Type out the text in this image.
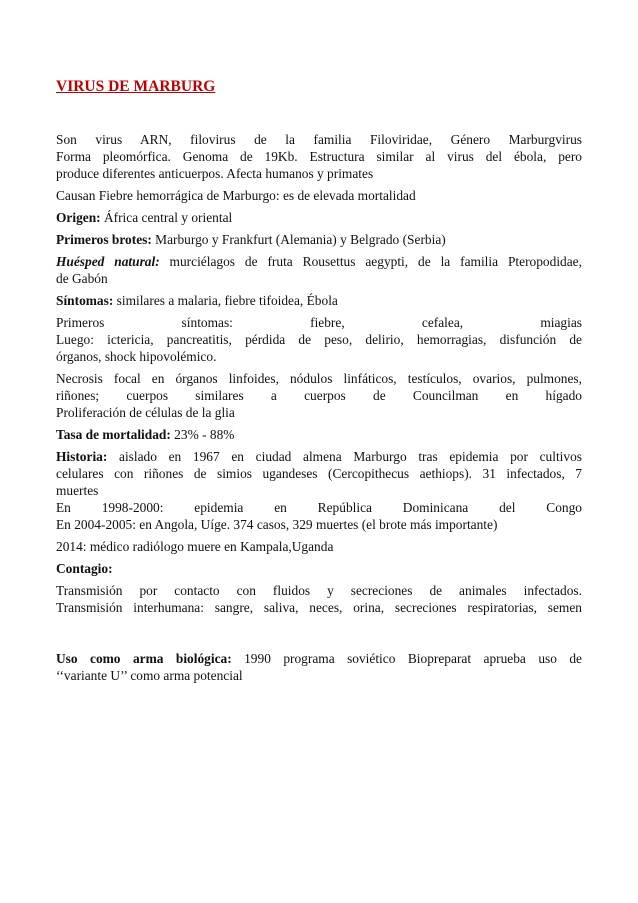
VIRUS DE MARBURG
Son virus ARN, filovirus de la familia Filoviridae, Género Marburgvirus
Forma pleomórfica. Genoma de 19Kb. Estructura similar al virus del ébola, pero
produce diferentes anticuerpos. Afecta humanos y primates
Causan Fiebre hemorrágica de Marburgo: es de elevada mortalidad
Origen: África central y oriental
Primeros brotes: Marburgo y Frankfurt (Alemania) y Belgrado (Serbia)
Huésped natural: murciélagos de fruta Rousettus aegypti, de la familia Pteropodidae,
de Gabón
Síntomas: similares a malaria, fiebre tifoidea, Ébola
Primeros síntomas: fiebre, cefalea, miagias
Luego: ictericia, pancreatitis, pérdida de peso, delirio, hemorragias, disfunción de
órganos, shock hipovolémico.
Necrosis focal en órganos linfoides, nódulos linfáticos, testículos, ovarios, pulmones,
riñones; cuerpos similares a cuerpos de Councilman en hígado
Proliferación de células de la glia
Tasa de mortalidad: 23% - 88%
Historia: aislado en 1967 en ciudad almena Marburgo tras epidemia por cultivos
celulares con riñones de simios ugandeses (Cercopithecus aethiops). 31 infectados, 7
muertes
En 1998-2000: epidemia en República Dominicana del Congo
En 2004-2005: en Angola, Uíge. 374 casos, 329 muertes (el brote más importante)
2014: médico radiólogo muere en Kampala,Uganda
Contagio:
Transmisión por contacto con fluidos y secreciones de animales infectados.
Transmisión interhumana: sangre, saliva, neces, orina, secreciones respiratorias, semen
Uso como arma biológica: 1990 programa soviético Biopreparat aprueba uso de
‘‘variante U’’ como arma potencial
